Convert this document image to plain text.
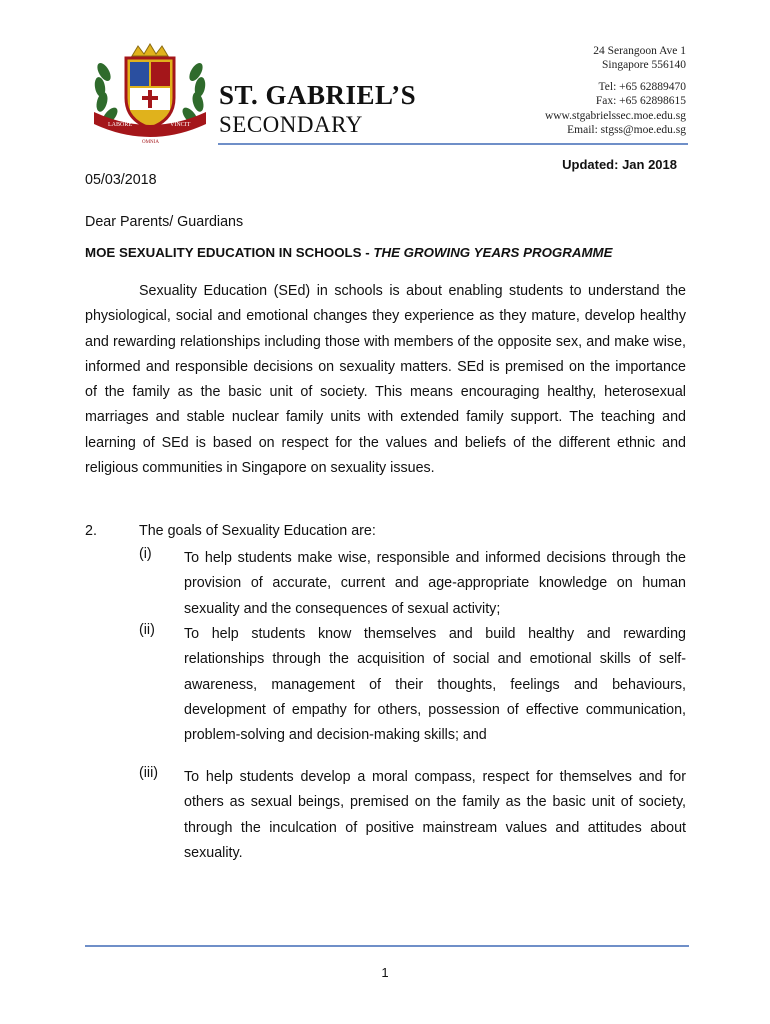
LABORE	VINCIT
OMNIA
ST. GABRIEL’S
SECONDARY
24 Serangoon Ave 1
Singapore 556140
Tel: +65 62889470
Fax: +65 62898615
www.stgabrielssec.moe.edu.sg
Email: stgss@moe.edu.sg
Updated: Jan 2018
05/03/2018
Dear Parents/ Guardians
MOE SEXUALITY EDUCATION IN SCHOOLS - THE GROWING YEARS PROGRAMME
Sexuality Education (SEd) in schools is about enabling students to understand the physiological, social and emotional changes they experience as they mature, develop healthy and rewarding relationships including those with members of the opposite sex, and make wise, informed and responsible decisions on sexuality matters. SEd is premised on the importance of the family as the basic unit of society. This means encouraging healthy, heterosexual marriages and stable nuclear family units with extended family support. The teaching and learning of SEd is based on respect for the values and beliefs of the different ethnic and religious communities in Singapore on sexuality issues.
2.	The goals of Sexuality Education are:
(i) To help students make wise, responsible and informed decisions through the provision of accurate, current and age-appropriate knowledge on human sexuality and the consequences of sexual activity;
(ii) To help students know themselves and build healthy and rewarding relationships through the acquisition of social and emotional skills of self-awareness, management of their thoughts, feelings and behaviours, development of empathy for others, possession of effective communication, problem-solving and decision-making skills; and
(iii) To help students develop a moral compass, respect for themselves and for others as sexual beings, premised on the family as the basic unit of society, through the inculcation of positive mainstream values and attitudes about sexuality.
1
